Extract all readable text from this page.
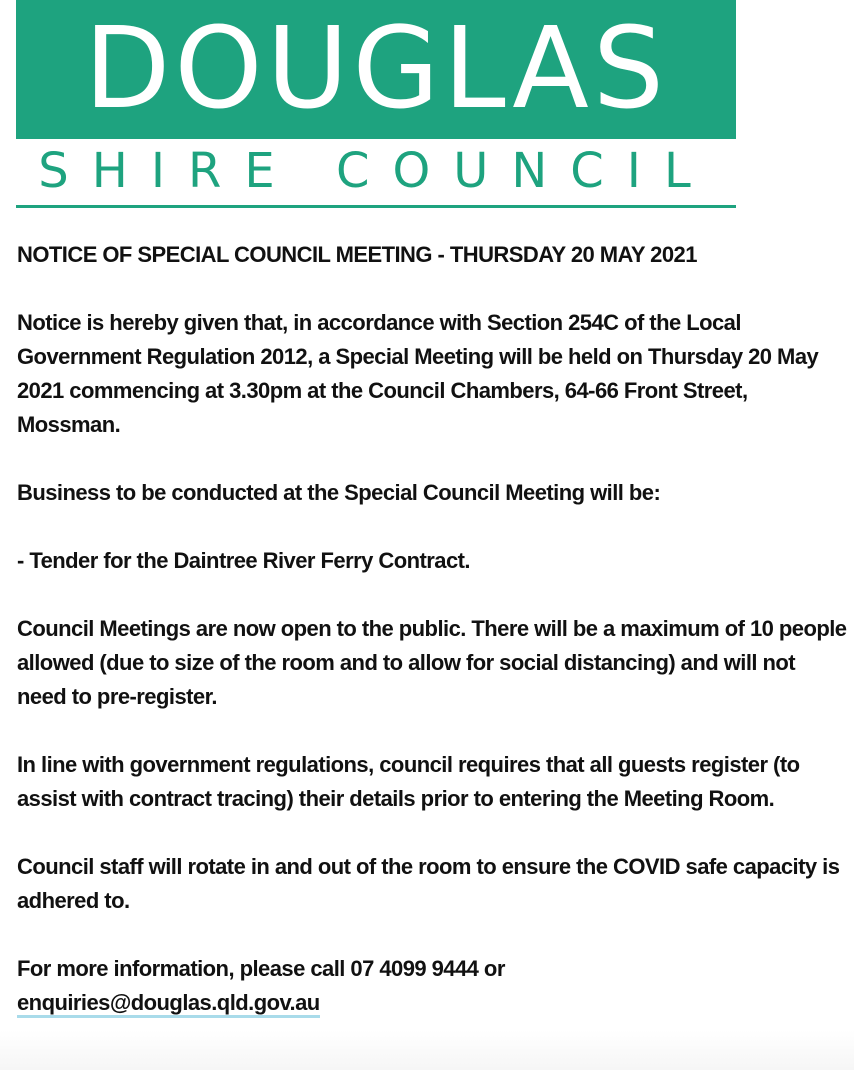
DOUGLAS
SHIRE COUNCIL

NOTICE OF SPECIAL COUNCIL MEETING - THURSDAY 20 MAY 2021

Notice is hereby given that, in accordance with Section 254C of the Local Government Regulation 2012, a Special Meeting will be held on Thursday 20 May 2021 commencing at 3.30pm at the Council Chambers, 64-66 Front Street, Mossman.

Business to be conducted at the Special Council Meeting will be:

- Tender for the Daintree River Ferry Contract.

Council Meetings are now open to the public. There will be a maximum of 10 people allowed (due to size of the room and to allow for social distancing) and will not need to pre-register.

In line with government regulations, council requires that all guests register (to assist with contract tracing) their details prior to entering the Meeting Room.

Council staff will rotate in and out of the room to ensure the COVID safe capacity is adhered to.

For more information, please call 07 4099 9444 or
enquiries@douglas.qld.gov.au
